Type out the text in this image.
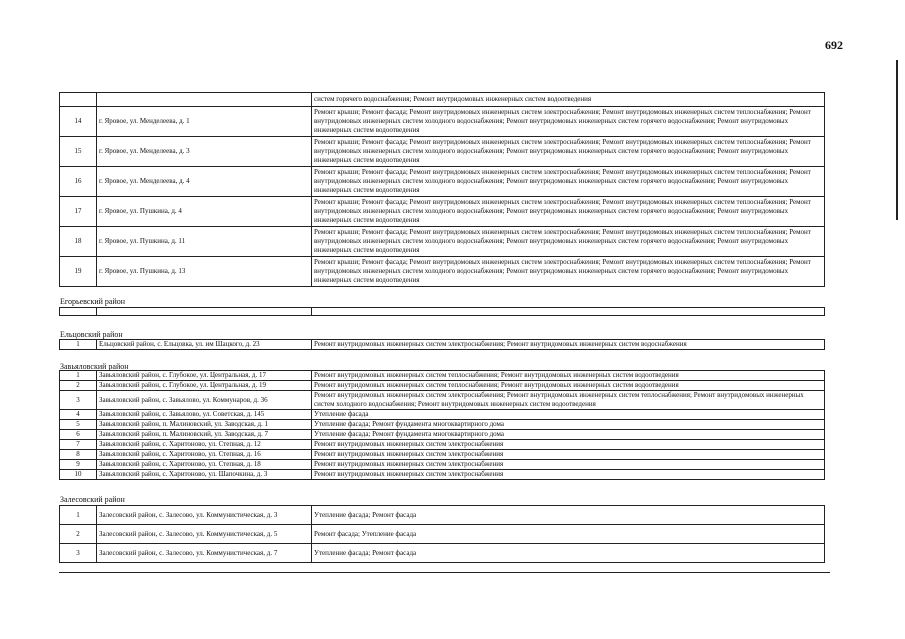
692
		систем горячего водоснабжения; Ремонт внутридомовых инженерных систем водоотведения
14	г. Яровое, ул. Менделеева, д. 1	Ремонт крыши; Ремонт фасада; Ремонт внутридомовых инженерных систем электроснабжения; Ремонт внутридомовых инженерных систем теплоснабжения; Ремонт внутридомовых инженерных систем холодного водоснабжения; Ремонт внутридомовых инженерных систем горячего водоснабжения; Ремонт внутридомовых инженерных систем водоотведения
15	г. Яровое, ул. Менделеева, д. 3	Ремонт крыши; Ремонт фасада; Ремонт внутридомовых инженерных систем электроснабжения; Ремонт внутридомовых инженерных систем теплоснабжения; Ремонт внутридомовых инженерных систем холодного водоснабжения; Ремонт внутридомовых инженерных систем горячего водоснабжения; Ремонт внутридомовых инженерных систем водоотведения
16	г. Яровое, ул. Менделеева, д. 4	Ремонт крыши; Ремонт фасада; Ремонт внутридомовых инженерных систем электроснабжения; Ремонт внутридомовых инженерных систем теплоснабжения; Ремонт внутридомовых инженерных систем холодного водоснабжения; Ремонт внутридомовых инженерных систем горячего водоснабжения; Ремонт внутридомовых инженерных систем водоотведения
17	г. Яровое, ул. Пушкина, д. 4	Ремонт крыши; Ремонт фасада; Ремонт внутридомовых инженерных систем электроснабжения; Ремонт внутридомовых инженерных систем теплоснабжения; Ремонт внутридомовых инженерных систем холодного водоснабжения; Ремонт внутридомовых инженерных систем горячего водоснабжения; Ремонт внутридомовых инженерных систем водоотведения
18	г. Яровое, ул. Пушкина, д. 11	Ремонт крыши; Ремонт фасада; Ремонт внутридомовых инженерных систем электроснабжения; Ремонт внутридомовых инженерных систем теплоснабжения; Ремонт внутридомовых инженерных систем холодного водоснабжения; Ремонт внутридомовых инженерных систем горячего водоснабжения; Ремонт внутридомовых инженерных систем водоотведения
19	г. Яровое, ул. Пушкина, д. 13	Ремонт крыши; Ремонт фасада; Ремонт внутридомовых инженерных систем электроснабжения; Ремонт внутридомовых инженерных систем теплоснабжения; Ремонт внутридомовых инженерных систем холодного водоснабжения; Ремонт внутридомовых инженерных систем горячего водоснабжения; Ремонт внутридомовых инженерных систем водоотведения
Егорьевский район

Ельцовский район
1	Ельцовский район, с. Ельцовка, ул. им Шацкого, д. 23	Ремонт внутридомовых инженерных систем электроснабжения; Ремонт внутридомовых инженерных систем водоснабжения
Завьяловский район
1	Завьяловский район, с. Глубокое, ул. Центральная, д. 17	Ремонт внутридомовых инженерных систем теплоснабжения; Ремонт внутридомовых инженерных систем водоотведения
2	Завьяловский район, с. Глубокое, ул. Центральная, д. 19	Ремонт внутридомовых инженерных систем теплоснабжения; Ремонт внутридомовых инженерных систем водоотведения
3	Завьяловский район, с. Завьялово, ул. Коммунаров, д. 36	Ремонт внутридомовых инженерных систем электроснабжения; Ремонт внутридомовых инженерных систем теплоснабжения; Ремонт внутридомовых инженерных систем холодного водоснабжения; Ремонт внутридомовых инженерных систем водоотведения
4	Завьяловский район, с. Завьялово, ул. Советская, д. 145	Утепление фасада
5	Завьяловский район, п. Малиновский, ул. Заводская, д. 1	Утепление фасада; Ремонт фундамента многоквартирного дома
6	Завьяловский район, п. Малиновский, ул. Заводская, д. 7	Утепление фасада; Ремонт фундамента многоквартирного дома
7	Завьяловский район, с. Харитоново, ул. Степная, д. 12	Ремонт внутридомовых инженерных систем электроснабжения
8	Завьяловский район, с. Харитоново, ул. Степная, д. 16	Ремонт внутридомовых инженерных систем электроснабжения
9	Завьяловский район, с. Харитоново, ул. Степная, д. 18	Ремонт внутридомовых инженерных систем электроснабжения
10	Завьяловский район, с. Харитоново, ул. Шапочкина, д. 3	Ремонт внутридомовых инженерных систем электроснабжения
Залесовский район
1	Залесовский район, с. Залесово, ул. Коммунистическая, д. 3	Утепление фасада; Ремонт фасада
2	Залесовский район, с. Залесово, ул. Коммунистическая, д. 5	Ремонт фасада; Утепление фасада
3	Залесовский район, с. Залесово, ул. Коммунистическая, д. 7	Утепление фасада; Ремонт фасада
